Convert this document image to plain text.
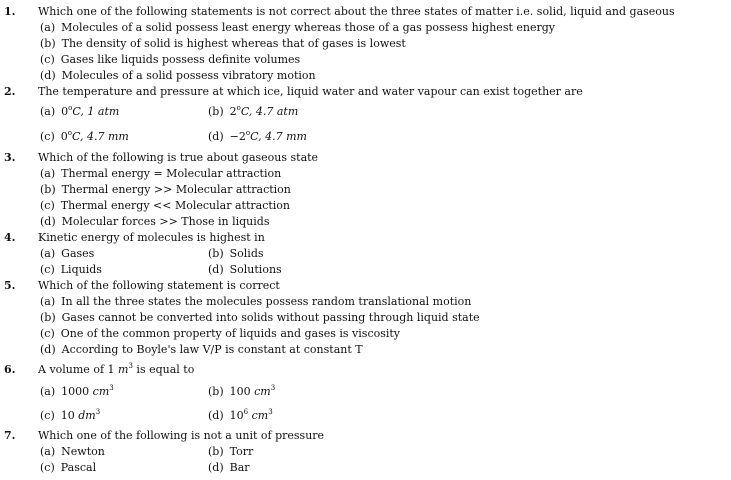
1. Which one of the following statements is not correct about the three states of matter i.e. solid, liquid and gaseous
(a) Molecules of a solid possess least energy whereas those of a gas possess highest energy
(b) The density of solid is highest whereas that of gases is lowest
(c) Gases like liquids possess definite volumes
(d) Molecules of a solid possess vibratory motion
2. The temperature and pressure at which ice, liquid water and water vapour can exist together are
(a) 0$^o$C, 1 atm	(b) 2$^o$C, 4.7 atm
(c) 0$^o$C, 4.7 mm	$(d) -2^oC$, 4.7 mm
3. Which of the following is true about gaseous state
(a) Thermal energy = Molecular attraction
(b) Thermal energy >> Molecular attraction
(c) Thermal energy << Molecular attraction
(d) Molecular forces >> Those in liquids
4. Kinetic energy of molecules is highest in
(a) Gases	(b) Solids
(c) Liquids	(d) Solutions
5. Which of the following statement is correct
(a) In all the three states the molecules possess random translational motion
(b) Gases cannot be converted into solids without passing through liquid state
(c) One of the common property of liquids and gases is viscosity
(d) According to Boyle's law V/P is constant at constant T
6. A volume of 1 $m^3$ is equal to
(a) 1000 $cm^3$	(b) 100 $cm^3$
(c) 10 $dm^3$	(d) $10^6$ $cm^3$
7. Which one of the following is not a unit of pressure
(a) Newton	(b) Torr
(c) Pascal	(d) Bar
